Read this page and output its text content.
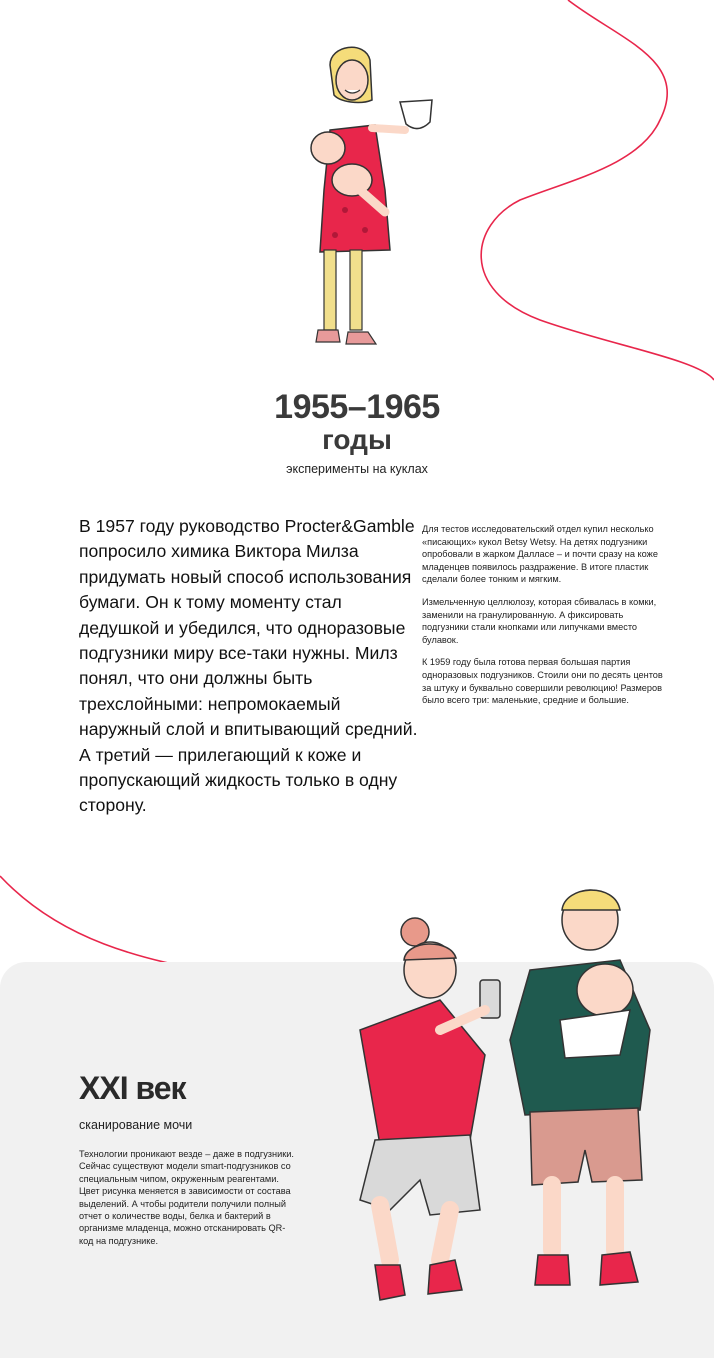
1955–1965
годы
эксперименты на куклах
В 1957 году руководство Procter&Gamble попросило химика Виктора Милза придумать новый способ использования бумаги. Он к тому моменту стал дедушкой и убедился, что одноразовые подгузники миру все-таки нужны. Милз понял, что они должны быть трехслойными: непромокаемый наружный слой и впитывающий средний. А третий — прилегающий к коже и пропускающий жидкость только в одну сторону.

Для тестов исследовательский отдел купил несколько «писающих» кукол Betsy Wetsy. На детях подгузники опробовали в жарком Далласе – и почти сразу на коже младенцев появилось раздражение. В итоге пластик сделали более тонким и мягким.

Измельченную целлюлозу, которая сбивалась в комки, заменили на гранулированную. А фиксировать подгузники стали кнопками или липучками вместо булавок.

К 1959 году была готова первая большая партия одноразовых подгузников. Стоили они по десять центов за штуку и буквально совершили революцию! Размеров было всего три: маленькие, средние и большие.

XXI век
сканирование мочи
Технологии проникают везде – даже в подгузники. Сейчас существуют модели smart-подгузников со специальным чипом, окруженным реагентами. Цвет рисунка меняется в зависимости от состава выделений. А чтобы родители получили полный отчет о количестве воды, белка и бактерий в организме младенца, можно отсканировать QR-код на подгузнике.
